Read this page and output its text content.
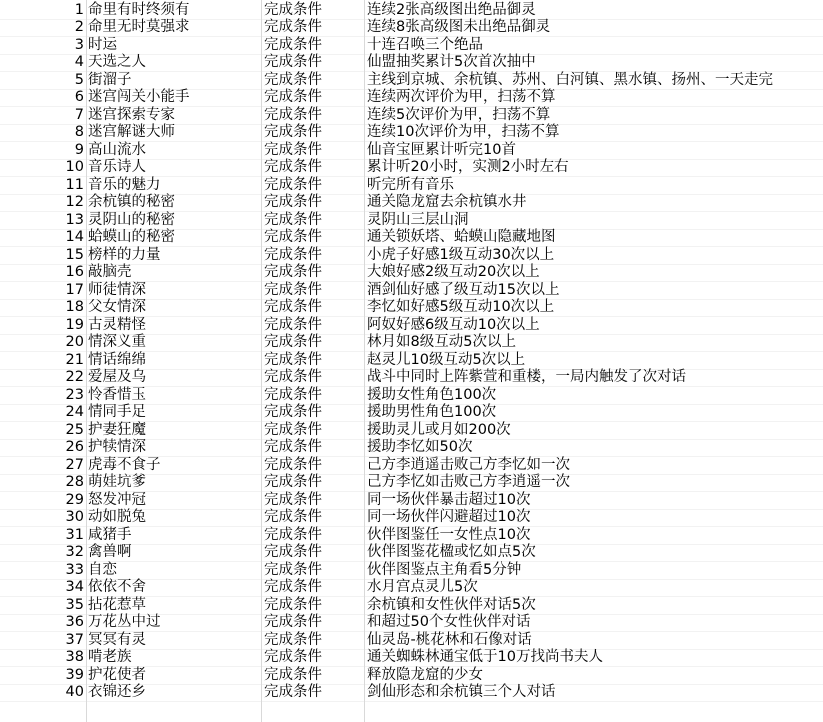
1 命里有时终须有	完成条件	连续2张高级图出绝品御灵
2 命里无时莫强求	完成条件	连续8张高级图未出绝品御灵
3 时运	完成条件	十连召唤三个绝品
4 天选之人	完成条件	仙盟抽奖累计5次首次抽中
5 街溜子	完成条件	主线到京城、余杭镇、苏州、白河镇、黑水镇、扬州、一天走完
6 迷宫闯关小能手	完成条件	连续两次评价为甲，扫荡不算
7 迷宫探索专家	完成条件	连续5次评价为甲，扫荡不算
8 迷宫解谜大师	完成条件	连续10次评价为甲，扫荡不算
9 高山流水	完成条件	仙音宝匣累计听完10首
10 音乐诗人	完成条件	累计听20小时，实测2小时左右
11 音乐的魅力	完成条件	听完所有音乐
12 余杭镇的秘密	完成条件	通关隐龙窟去余杭镇水井
13 灵阴山的秘密	完成条件	灵阴山三层山洞
14 蛤蟆山的秘密	完成条件	通关锁妖塔、蛤蟆山隐藏地图
15 榜样的力量	完成条件	小虎子好感1级互动30次以上
16 敲脑壳	完成条件	大娘好感2级互动20次以上
17 师徒情深	完成条件	酒剑仙好感了级互动15次以上
18 父女情深	完成条件	李忆如好感5级互动10次以上
19 古灵精怪	完成条件	阿奴好感6级互动10次以上
20 情深义重	完成条件	林月如8级互动5次以上
21 情话绵绵	完成条件	赵灵儿10级互动5次以上
22 爱屋及乌	完成条件	战斗中同时上阵紫萱和重楼，一局内触发了次对话
23 怜香惜玉	完成条件	援助女性角色100次
24 情同手足	完成条件	援助男性角色100次
25 护妻狂魔	完成条件	援助灵儿或月如200次
26 护犊情深	完成条件	援助李忆如50次
27 虎毒不食子	完成条件	己方李逍遥击败己方李忆如一次
28 萌娃坑爹	完成条件	己方李忆如击败己方李逍遥一次
29 怒发冲冠	完成条件	同一场伙伴暴击超过10次
30 动如脱兔	完成条件	同一场伙伴闪避超过10次
31 咸猪手	完成条件	伙伴图鉴任一女性点10次
32 禽兽啊	完成条件	伙伴图鉴花楹或忆如点5次
33 自恋	完成条件	伙伴图鉴点主角看5分钟
34 依依不舍	完成条件	水月宫点灵儿5次
35 拈花惹草	完成条件	余杭镇和女性伙伴对话5次
36 万花丛中过	完成条件	和超过50个女性伙伴对话
37 冥冥有灵	完成条件	仙灵岛-桃花林和石像对话
38 啃老族	完成条件	通关蜘蛛林通宝低于10万找尚书夫人
39 护花使者	完成条件	释放隐龙窟的少女
40 衣锦还乡	完成条件	剑仙形态和余杭镇三个人对话
